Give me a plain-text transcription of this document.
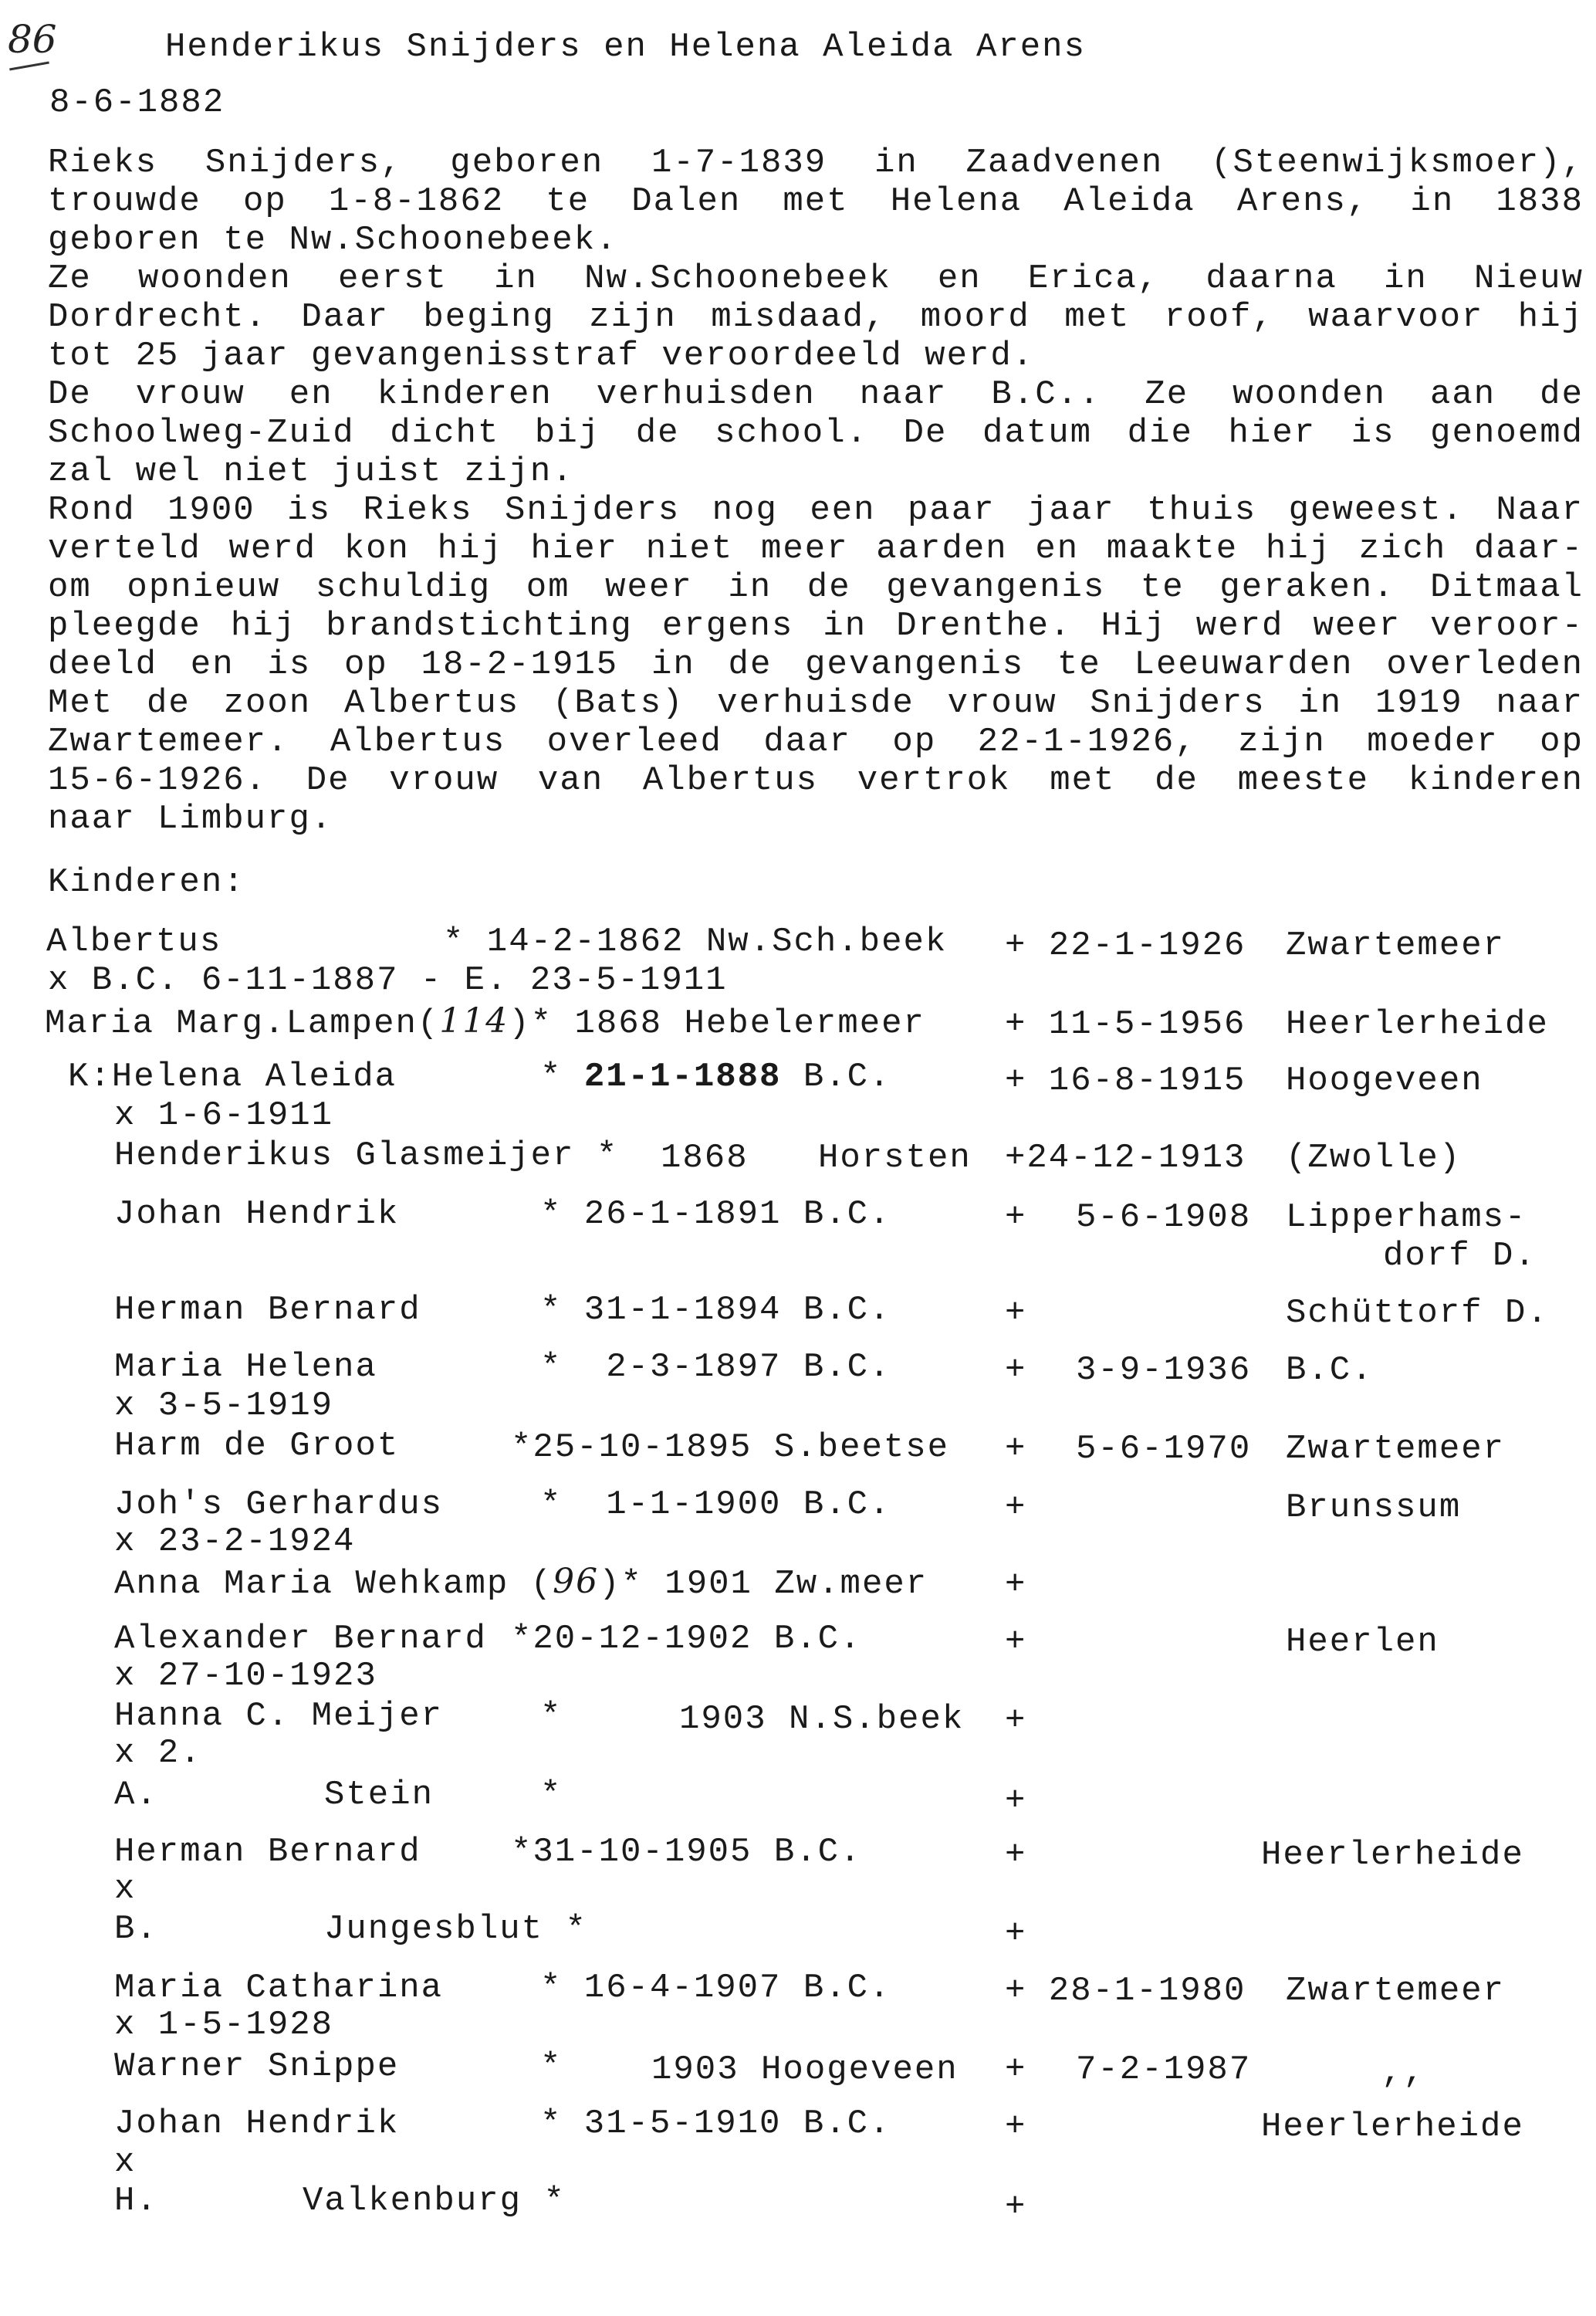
86	Henderikus Snijders en Helena Aleida Arens
8-6-1882
Rieks Snijders, geboren 1-7-1839 in Zaadvenen (Steenwijksmoer),
trouwde op 1-8-1862 te Dalen met Helena Aleida Arens, in 1838
geboren te Nw.Schoonebeek.
Ze woonden eerst in Nw.Schoonebeek en Erica, daarna in Nieuw
Dordrecht. Daar beging zijn misdaad, moord met roof, waarvoor hij
tot 25 jaar gevangenisstraf veroordeeld werd.
De vrouw en kinderen verhuisden naar B.C.. Ze woonden aan de
Schoolweg-Zuid dicht bij de school. De datum die hier is genoemd
zal wel niet juist zijn.
Rond 1900 is Rieks Snijders nog een paar jaar thuis geweest. Naar
verteld werd kon hij hier niet meer aarden en maakte hij zich daar-
om opnieuw schuldig om weer in de gevangenis te geraken. Ditmaal
pleegde hij brandstichting ergens in Drenthe. Hij werd weer veroor-
deeld en is op 18-2-1915 in de gevangenis te Leeuwarden overleden
Met de zoon Albertus (Bats) verhuisde vrouw Snijders in 1919 naar
Zwartemeer. Albertus overleed daar op 22-1-1926, zijn moeder op
15-6-1926. De vrouw van Albertus vertrok met de meeste kinderen
naar Limburg.
Kinderen:
Albertus	* 14-2-1862 Nw.Sch.beek + 22-1-1926 Zwartemeer
x B.C. 6-11-1887 - E. 23-5-1911
Maria Marg.Lampen(114)* 1868 Hebelermeer + 11-5-1956 Heerlerheide
K:Helena Aleida	* 21-1-1888 B.C.	+ 16-8-1915 Hoogeveen
x 1-6-1911
Henderikus Glasmeijer * 1868 Horsten +24-12-1913 (Zwolle)
Johan Hendrik	* 26-1-1891 B.C.	+ 5-6-1908 Lipperhams-
dorf D.
Herman Bernard	* 31-1-1894 B.C.	+	Schüttorf D.
Maria Helena	*  2-3-1897 B.C.	+ 3-9-1936 B.C.
x 3-5-1919
Harm de Groot	*25-10-1895 S.beetse + 5-6-1970 Zwartemeer
Joh's Gerhardus	*  1-1-1900 B.C.	+	Brunssum
x 23-2-1924
Anna Maria Wehkamp (96)* 1901 Zw.meer +
Alexander Bernard *20-12-1902 B.C.	+	Heerlen
x 27-10-1923
Hanna C. Meijer	*	1903 N.S.beek +
x 2.
A.	Stein	*	+
Herman Bernard	*31-10-1905 B.C.	+	Heerlerheide
x
B.	Jungesblut *	+
Maria Catharina	* 16-4-1907 B.C.	+ 28-1-1980 Zwartemeer
x 1-5-1928
Warner Snippe	*	1903 Hoogeveen + 7-2-1987	,,
Johan Hendrik	* 31-5-1910 B.C.	+	Heerlerheide
x
H.	Valkenburg *	+
